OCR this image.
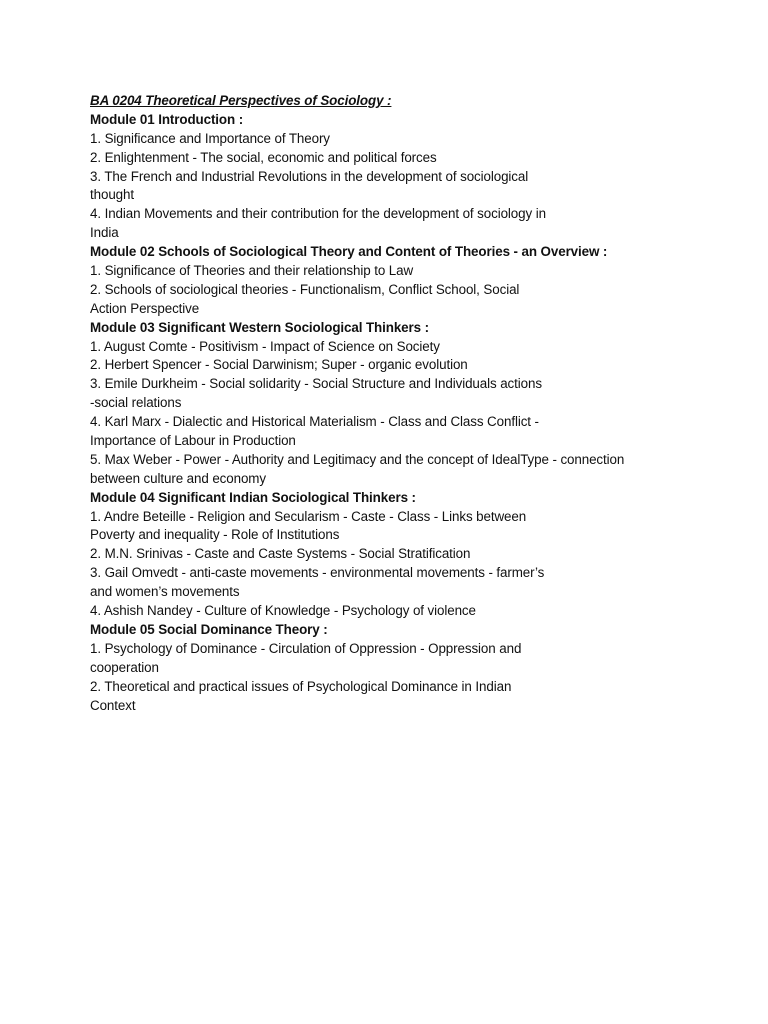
BA 0204 Theoretical Perspectives of Sociology :
Module 01 Introduction :
1. Significance and Importance of Theory
2. Enlightenment - The social, economic and political forces
3. The French and Industrial Revolutions in the development of sociological
thought
4. Indian Movements and their contribution for the development of sociology in
India
Module 02 Schools of Sociological Theory and Content of Theories - an Overview :
1. Significance of Theories and their relationship to Law
2. Schools of sociological theories - Functionalism, Conflict School, Social
Action Perspective
Module 03 Significant Western Sociological Thinkers :
1. August Comte - Positivism - Impact of Science on Society
2. Herbert Spencer - Social Darwinism; Super - organic evolution
3. Emile Durkheim - Social solidarity - Social Structure and Individuals actions
-social relations
4. Karl Marx - Dialectic and Historical Materialism - Class and Class Conflict -
Importance of Labour in Production
5. Max Weber - Power - Authority and Legitimacy and the concept of IdealType - connection
between culture and economy
Module 04 Significant Indian Sociological Thinkers :
1. Andre Beteille - Religion and Secularism - Caste - Class - Links between
Poverty and inequality - Role of Institutions
2. M.N. Srinivas - Caste and Caste Systems - Social Stratification
3. Gail Omvedt - anti-caste movements - environmental movements - farmer’s
and women’s movements
4. Ashish Nandey - Culture of Knowledge - Psychology of violence
Module 05 Social Dominance Theory :
1. Psychology of Dominance - Circulation of Oppression - Oppression and
cooperation
2. Theoretical and practical issues of Psychological Dominance in Indian
Context
